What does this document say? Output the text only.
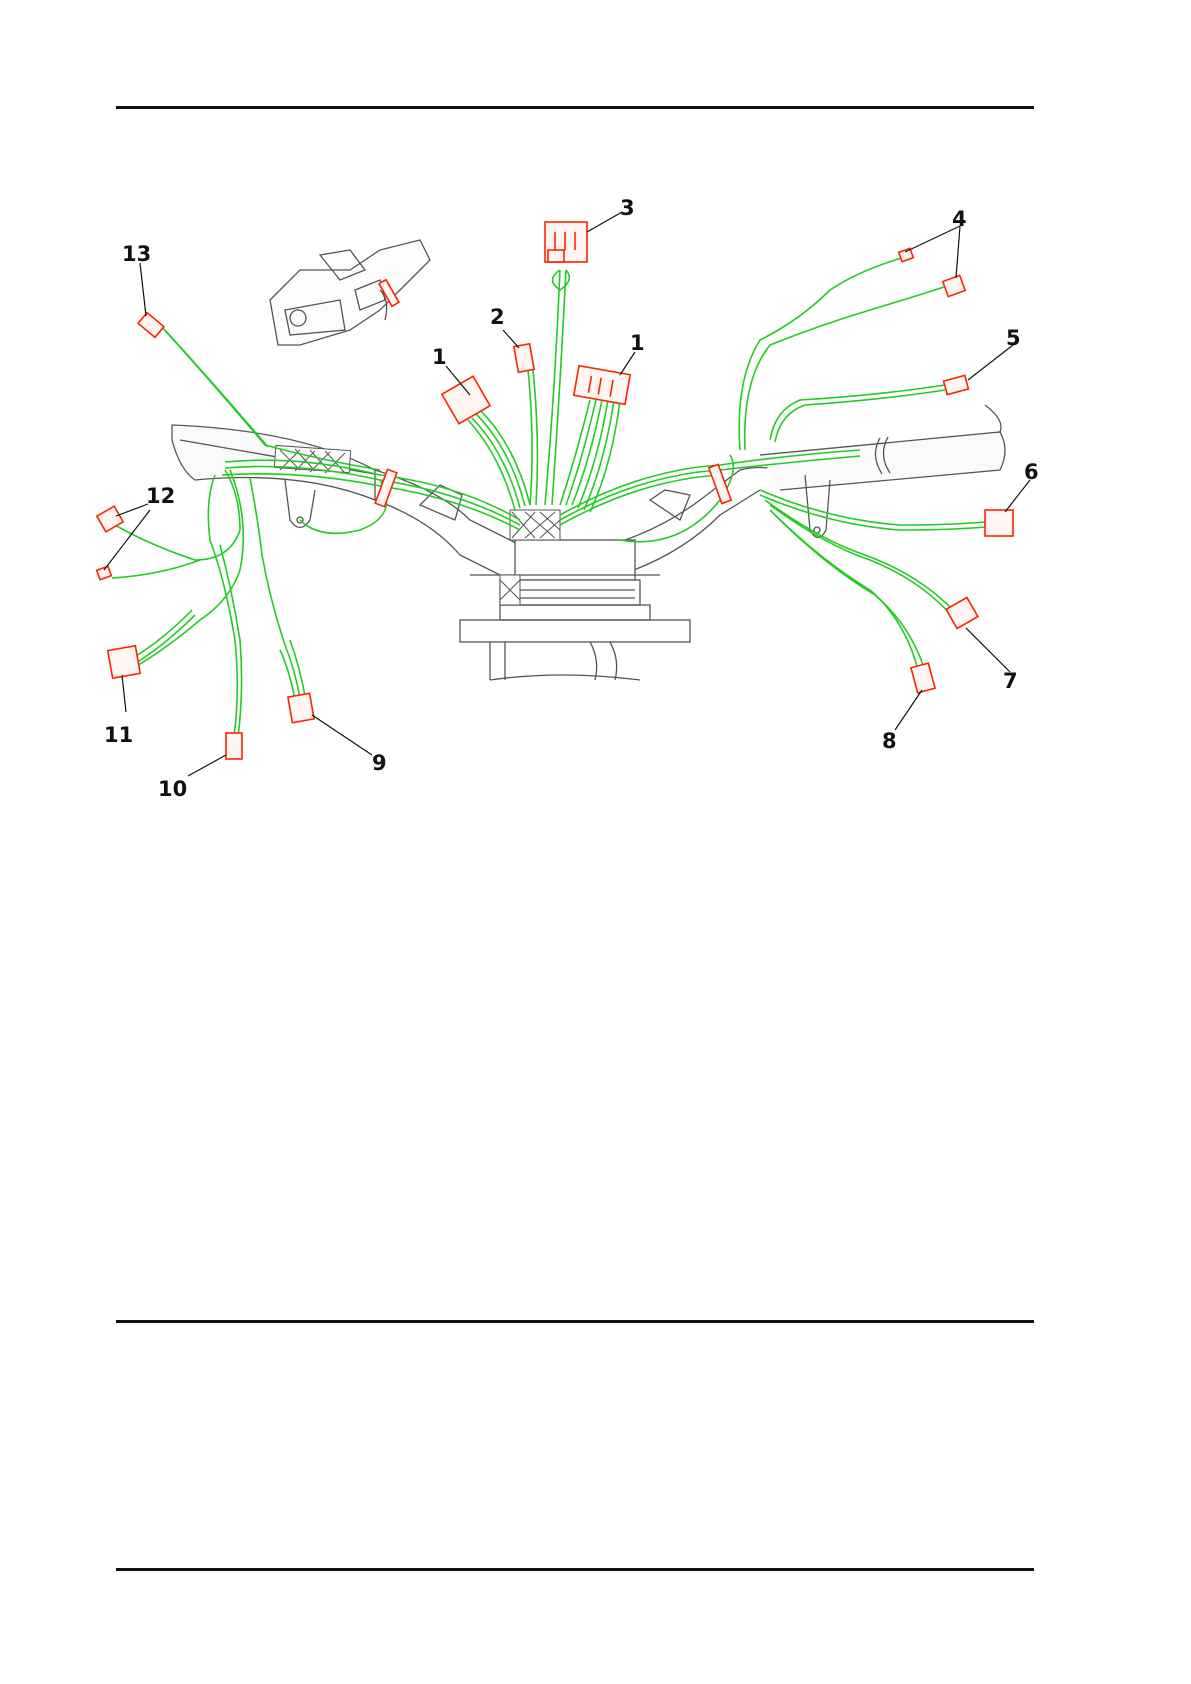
1
2
3
1
4
5
6
7
8
9
10
11
12
13
